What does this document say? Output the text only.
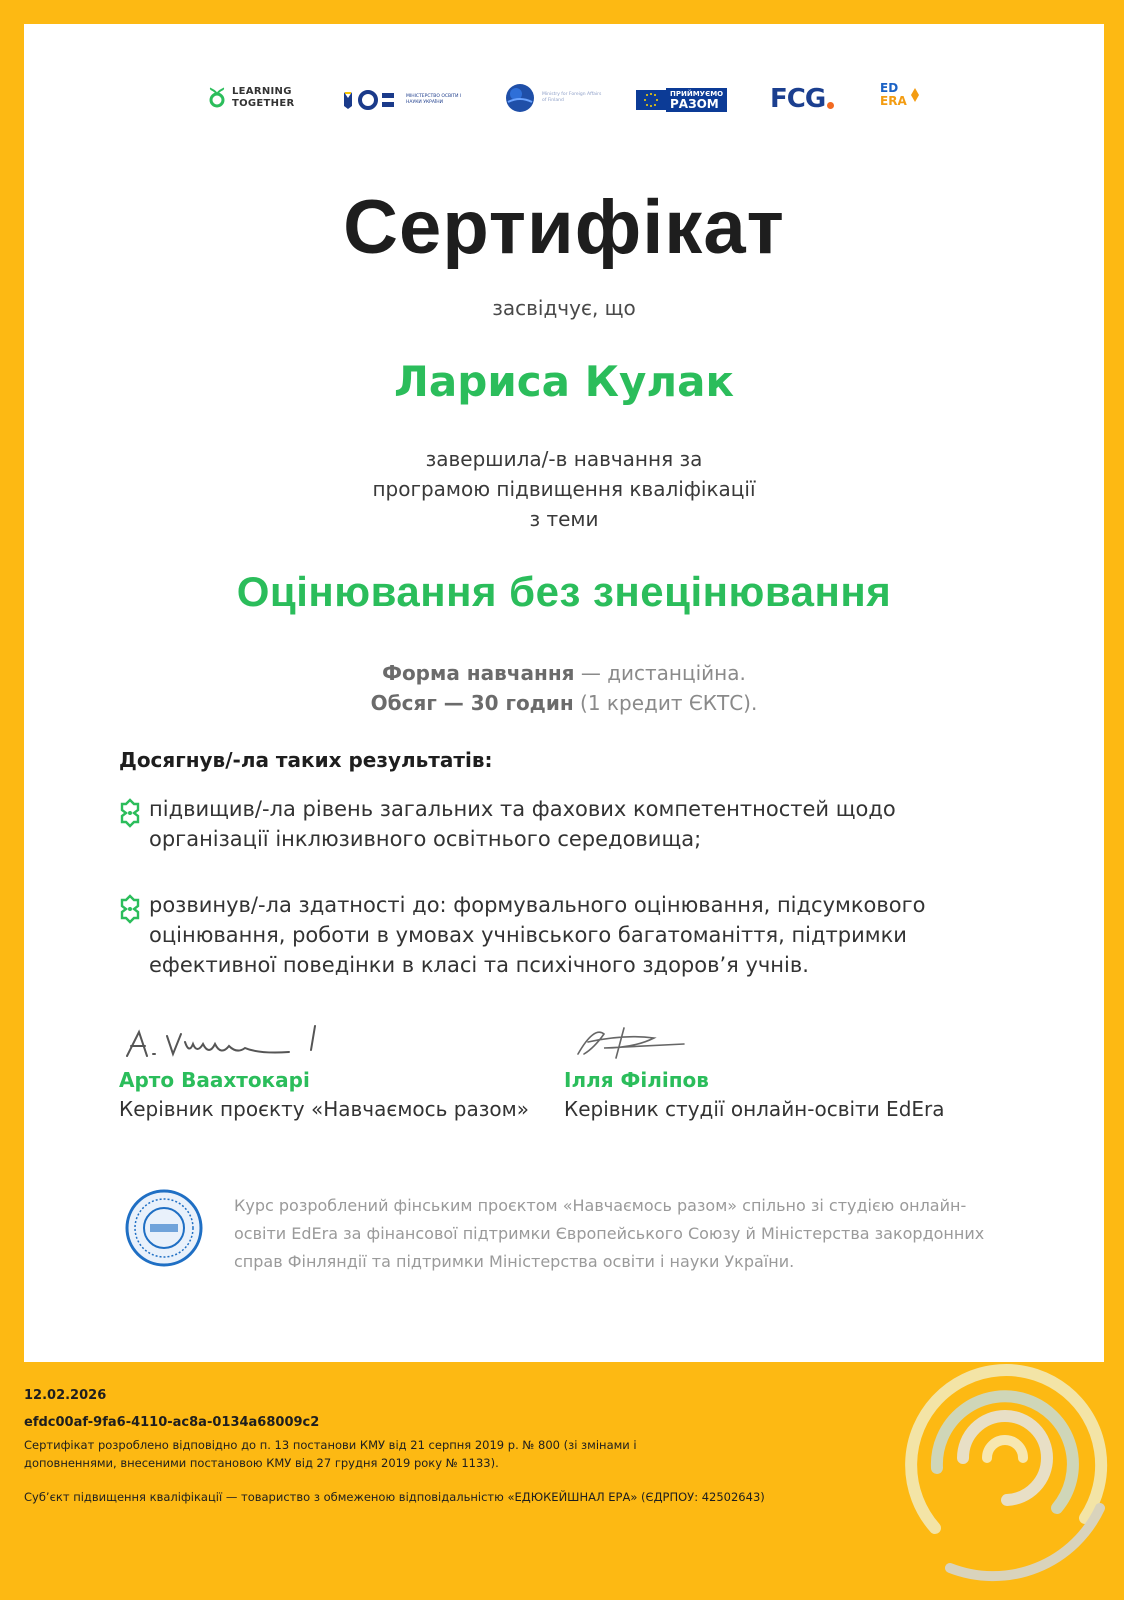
LEARNING
TOGETHER
МІНІСТЕРСТВО ОСВІТИ І НАУКИ УКРАЇНИ
Ministry for Foreign Affairs of Finland
ПРИЙМУЄМО
РАЗОМ FCG	ED
ERA
Сертифікат
засвідчує, що
Лариса Кулак
завершила/-в навчання за
програмою підвищення кваліфікації
з теми
Оцінювання без знецінювання
Форма навчання — дистанційна.
Обсяг — 30 годин (1 кредит ЄКТС).
Досягнув/-ла таких результатів:
підвищив/-ла рівень загальних та фахових компетентностей щодо організації інклюзивного освітнього середовища;
розвинув/-ла здатності до: формувального оцінювання, підсумкового оцінювання, роботи в умовах учнівського багатоманіття, підтримки ефективної поведінки в класі та психічного здоров’я учнів.
Арто Ваахтокарі
Керівник проєкту «Навчаємось разом»
Ілля Філіпов
Керівник студії онлайн-освіти EdEra
Курс розроблений фінським проєктом «Навчаємось разом» спільно зі студією онлайн-освіти EdEra за фінансової підтримки Європейського Союзу й Міністерства закордонних справ Фінляндії та підтримки Міністерства освіти і науки України.
12.02.2026
efdc00af-9fa6-4110-ac8a-0134a68009c2
Сертифікат розроблено відповідно до п. 13 постанови КМУ від 21 серпня 2019 р. № 800 (зі змінами і доповненнями, внесеними постановою КМУ від 27 грудня 2019 року № 1133).
Суб’єкт підвищення кваліфікації — товариство з обмеженою відповідальністю «ЕДЮКЕЙШНАЛ ЕРА» (ЄДРПОУ: 42502643)
